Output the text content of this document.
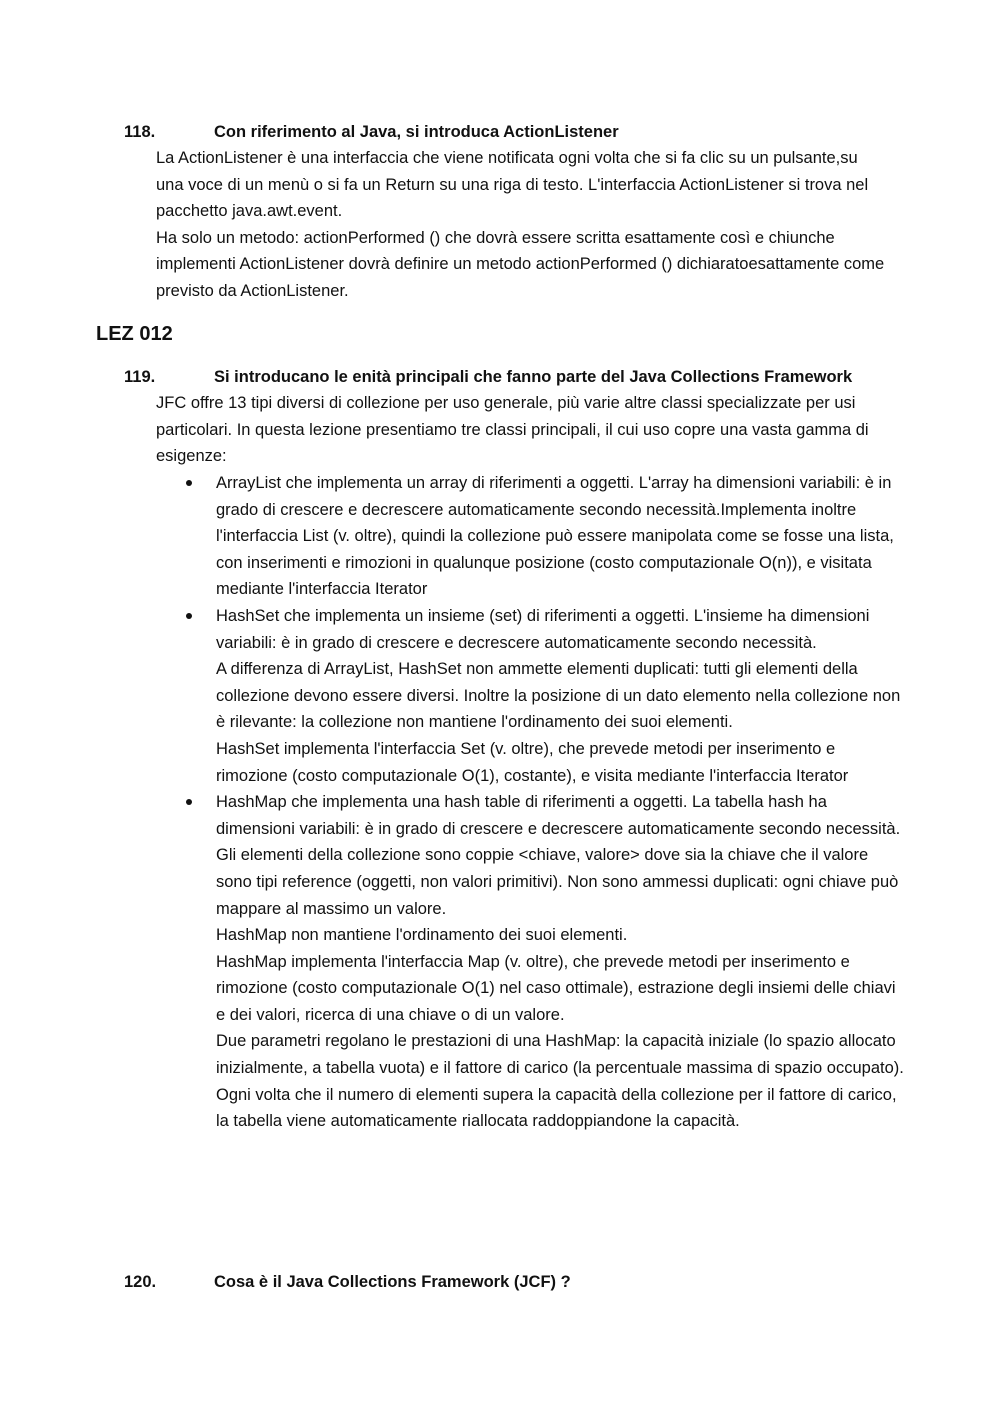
118.	Con riferimento al Java, si introduca ActionListener

La ActionListener è una interfaccia che viene notificata ogni volta che si fa clic su un pulsante,su una voce di un menù o si fa un Return su una riga di testo. L'interfaccia ActionListener si trova nel pacchetto java.awt.event.

Ha solo un metodo: actionPerformed () che dovrà essere scritta esattamente così e chiunche implementi ActionListener dovrà definire un metodo actionPerformed () dichiaratoesattamente come previsto da ActionListener.

LEZ 012
119.	Si introducano le enità principali che fanno parte del Java Collections Framework

JFC offre 13 tipi diversi di collezione per uso generale, più varie altre classi specializzate per usi particolari. In questa lezione presentiamo tre classi principali, il cui uso copre una vasta gamma di esigenze:

ArrayList che implementa un array di riferimenti a oggetti. L'array ha dimensioni variabili: è in grado di crescere e decrescere automaticamente secondo necessità.Implementa inoltre l'interfaccia List (v. oltre), quindi la collezione può essere manipolata come se fosse una lista, con inserimenti e rimozioni in qualunque posizione (costo computazionale O(n)), e visitata mediante l'interfaccia Iterator

HashSet che implementa un insieme (set) di riferimenti a oggetti. L'insieme ha dimensioni variabili: è in grado di crescere e decrescere automaticamente secondo necessità.

A differenza di ArrayList, HashSet non ammette elementi duplicati: tutti gli elementi della collezione devono essere diversi. Inoltre la posizione di un dato elemento nella collezione non è rilevante: la collezione non mantiene l'ordinamento dei suoi elementi.

HashSet implementa l'interfaccia Set (v. oltre), che prevede metodi per inserimento e rimozione (costo computazionale O(1), costante), e visita mediante l'interfaccia Iterator

HashMap che implementa una hash table di riferimenti a oggetti. La tabella hash ha dimensioni variabili: è in grado di crescere e decrescere automaticamente secondo necessità.

Gli elementi della collezione sono coppie <chiave, valore> dove sia la chiave che il valore sono tipi reference (oggetti, non valori primitivi). Non sono ammessi duplicati: ogni chiave può mappare al massimo un valore.

HashMap non mantiene l'ordinamento dei suoi elementi.

HashMap implementa l'interfaccia Map (v. oltre), che prevede metodi per inserimento e rimozione (costo computazionale O(1) nel caso ottimale), estrazione degli insiemi delle chiavi e dei valori, ricerca di una chiave o di un valore.

Due parametri regolano le prestazioni di una HashMap: la capacità iniziale (lo spazio allocato inizialmente, a tabella vuota) e il fattore di carico (la percentuale massima di spazio occupato). Ogni volta che il numero di elementi supera la capacità della collezione per il fattore di carico, la tabella viene automaticamente riallocata raddoppiandone la capacità.

120.	Cosa è il Java Collections Framework (JCF) ?
